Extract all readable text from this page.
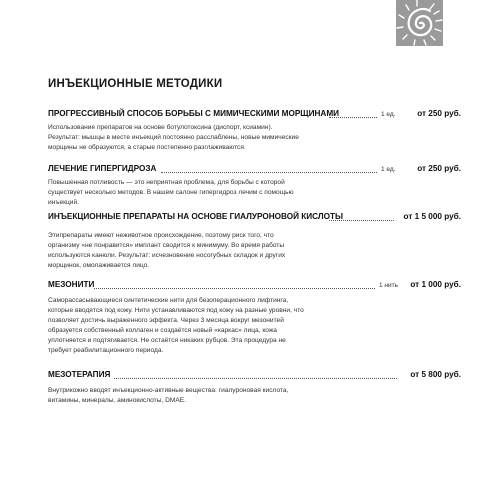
ИНЪЕКЦИОННЫЕ МЕТОДИКИ
ПРОГРЕССИВНЫЙ СПОСОБ БОРЬБЫ С МИМИЧЕСКИМИ МОРЩИНАМИ	1 ед.	от 250 руб.
Использование препаратов на основе ботулотоксина (диспорт, ксиамин).
Результат: мышцы в месте инъекций постоянно расслаблены, новые мимические
морщины не образуются, а старые постепенно разглаживаются.
ЛЕЧЕНИЕ ГИПЕРГИДРОЗА	1 ед.	от 250 руб.
Повышенная потливость — это неприятная проблема, для борьбы с которой
существует несколько методов. В нашем салоне гипергидроз лечим с помощью
инъекций.
ИНЪЕКЦИОННЫЕ ПРЕПАРАТЫ НА ОСНОВЕ ГИАЛУРОНОВОЙ КИСЛОТЫ	от 1 5 000 руб.
Этипрепараты имеют неживотное происхождение, поэтому риск того, что
организму «не понравится» имплант сводится к минимуму. Во время работы
используются канюли. Результат: исчезновение носогубных складок и других
морщинок, омолаживается лицо.
МЕЗОНИТИ	1 нить от 1 000 руб.
Саморассасывающиеся синтетические нити для безоперационного лифтинга,
которые вводятся под кожу. Нити устанавливаются под кожу на разные уровни, что
позволяет достичь выраженного эффекта. Через 3 месяца вокруг мезонитей
образуется собственный коллаген и создаётся новый «каркас» лица, кожа
уплотняется и подтягивается. Не остаётся никаких рубцов. Эта процедура не
требует реабилитационного периода.
МЕЗОТЕРАПИЯ	от 5 800 руб.
Внутрикожно вводят инъекционно-активные вещества: гиалуроновая кислота,
витамины, минералы, аминокислоты, DMAE.
